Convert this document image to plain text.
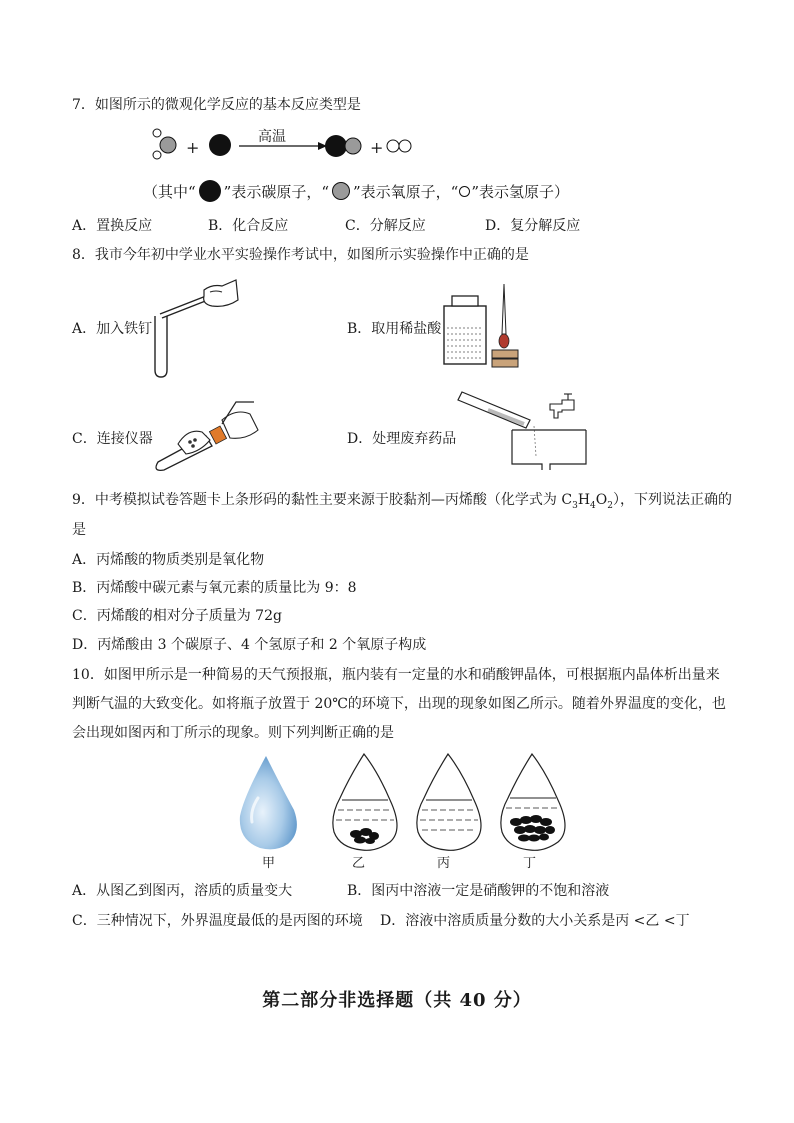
7．如图所示的微观化学反应的基本反应类型是
+	+
高温
（其中“ ”表示碳原子，“ ”表示氧原子，“ ”表示氢原子）
A．置换反应	B．化合反应	C．分解反应	D．复分解反应
8．我市今年初中学业水平实验操作考试中，如图所示实验操作中正确的是
A．加入铁钉	B．取用稀盐酸
C．连接仪器	D．处理废弃药品
9．中考模拟试卷答题卡上条形码的黏性主要来源于胶黏剂—丙烯酸（化学式为 $C_3H_4O_2$），下列说法正确的
是
A．丙烯酸的物质类别是氧化物
B．丙烯酸中碳元素与氧元素的质量比为 9：8
C．丙烯酸的相对分子质量为 72g
D．丙烯酸由 3 个碳原子、4 个氢原子和 2 个氧原子构成
10．如图甲所示是一种简易的天气预报瓶，瓶内装有一定量的水和硝酸钾晶体，可根据瓶内晶体析出量来
判断气温的大致变化。如将瓶子放置于 20℃的环境下，出现的现象如图乙所示。随着外界温度的变化，也
会出现如图丙和丁所示的现象。则下列判断正确的是
甲	乙	丙	丁
A．从图乙到图丙，溶质的质量变大	B．图丙中溶液一定是硝酸钾的不饱和溶液
C．三种情况下，外界温度最低的是丙图的环境 D．溶液中溶质质量分数的大小关系是丙 <乙 <丁
第二部分非选择题（共 40 分）
